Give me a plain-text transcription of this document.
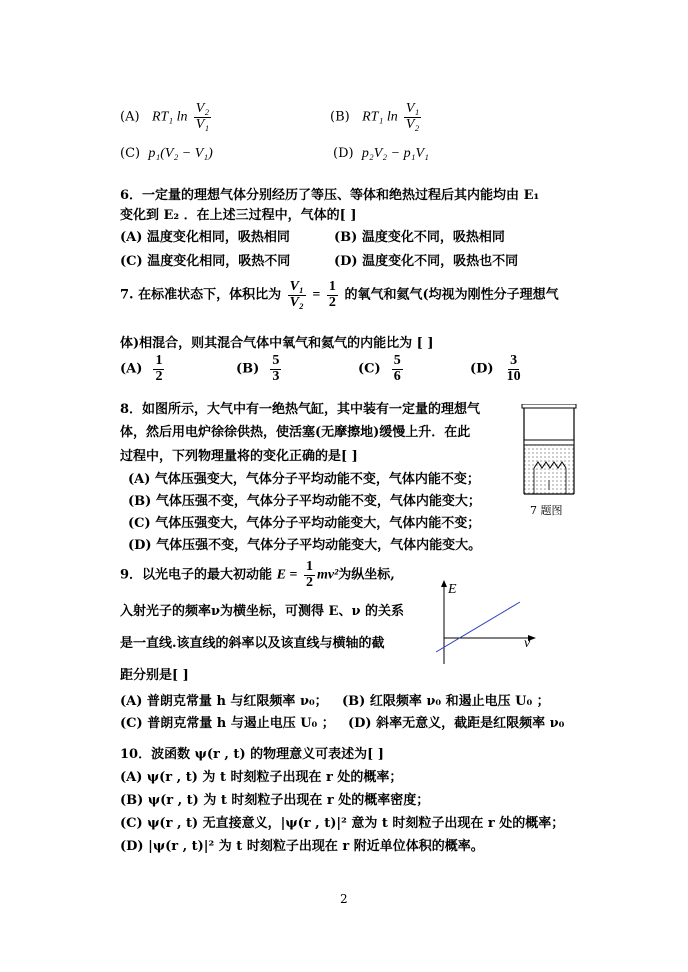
(A) RT₁ $\ln \frac{\text{V₂}}{\text{V₁}}$	(B) RT₁ $\ln \frac{\text{V₁}}{\text{V₂}}$
(C) p₁(V₂ − V₁)	(D) p₂V₂ − p₁V₁
6．一定量的理想气体分别经历了等压、等体和绝热过程后其内能均由 E₁
变化到 E₂ ．在上述三过程中，气体的[ ]
(A) 温度变化相同，吸热相同	(B) 温度变化不同，吸热相同
(C) 温度变化相同，吸热不同	(D) 温度变化不同，吸热也不同
7. 在标准状态下，体积比为 $\frac{\text{V₁}}{\text{V₂}} = \frac{1}{2}$ 的氧气和氦气(均视为刚性分子理想气
体)相混合，则其混合气体中氧气和氦气的内能比为 [ ]
$(A) \frac{1}{2}$	$(B) \frac{5}{3}$	$(C) \frac{5}{6}$	$(D) \frac{3}{10}$
8．如图所示，大气中有一绝热气缸，其中装有一定量的理想气
体，然后用电炉徐徐供热，使活塞(无摩擦地)缓慢上升．在此
过程中，下列物理量将的变化正确的是[ ]
(A) 气体压强变大，气体分子平均动能不变，气体内能不变；
(B) 气体压强不变，气体分子平均动能不变，气体内能变大；
(C) 气体压强变大，气体分子平均动能变大，气体内能不变；
(D) 气体压强不变，气体分子平均动能变大，气体内能变大。
7 题图
9．以光电子的最大初动能 $E = \frac{1}{2} mv^2$为纵坐标,
入射光子的频率ν为横坐标，可测得 E、ν 的关系
是一直线.该直线的斜率以及该直线与横轴的截
距分别是[ ]
E
ν
(A) 普朗克常量 h 与红限频率 ν₀； (B) 红限频率 ν₀ 和遏止电压 U₀ ；
(C) 普朗克常量 h 与遏止电压 U₀ ； (D) 斜率无意义，截距是红限频率 ν₀
10．波函数 ψ(r , t) 的物理意义可表述为[ ]
(A) ψ(r , t) 为 t 时刻粒子出现在 r 处的概率；
(B) ψ(r , t) 为 t 时刻粒子出现在 r 处的概率密度；
(C) ψ(r , t) 无直接意义，|ψ(r , t)|² 意为 t 时刻粒子出现在 r 处的概率；
(D) |ψ(r , t)|² 为 t 时刻粒子出现在 r 附近单位体积的概率。
2
